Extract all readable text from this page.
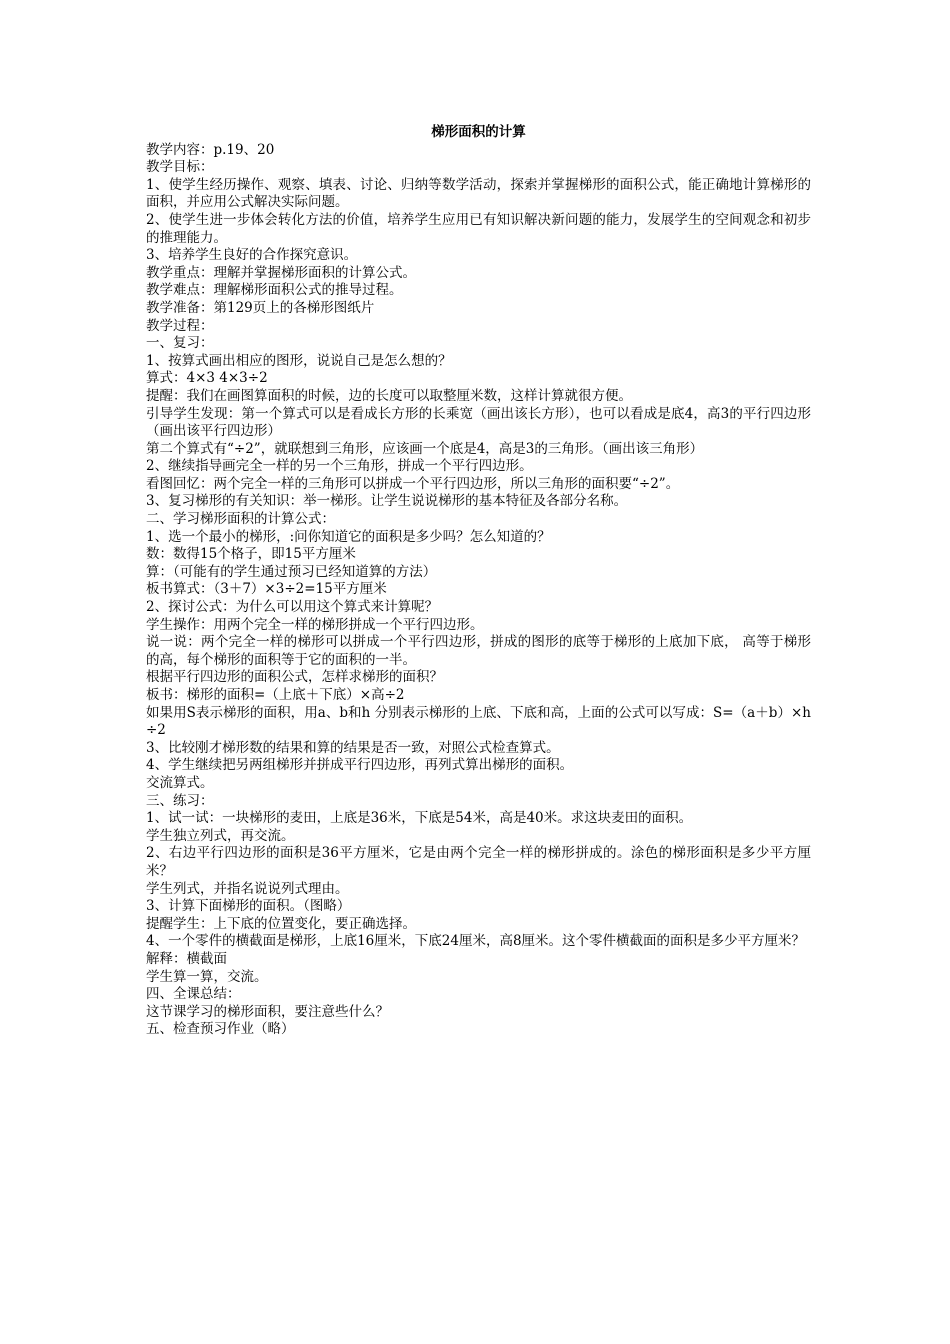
梯形面积的计算

教学内容：p.19、20

教学目标：

1、使学生经历操作、观察、填表、讨论、归纳等数学活动，探索并掌握梯形的面积公式，能正确地计算梯形的面积，并应用公式解决实际问题。

2、使学生进一步体会转化方法的价值，培养学生应用已有知识解决新问题的能力，发展学生的空间观念和初步的推理能力。

3、培养学生良好的合作探究意识。

教学重点：理解并掌握梯形面积的计算公式。

教学难点：理解梯形面积公式的推导过程。

教学准备：第129页上的各梯形图纸片

教学过程：

一、复习：

1、按算式画出相应的图形，说说自己是怎么想的？

算式：4×3 4×3÷2

提醒：我们在画图算面积的时候，边的长度可以取整厘米数，这样计算就很方便。

引导学生发现：第一个算式可以是看成长方形的长乘宽（画出该长方形），也可以看成是底4，高3的平行四边形（画出该平行四边形）

第二个算式有“÷2”，就联想到三角形，应该画一个底是4，高是3的三角形。（画出该三角形）

2、继续指导画完全一样的另一个三角形，拼成一个平行四边形。

看图回忆：两个完全一样的三角形可以拼成一个平行四边形，所以三角形的面积要“÷2”。

3、复习梯形的有关知识：举一梯形。让学生说说梯形的基本特征及各部分名称。

二、学习梯形面积的计算公式：

1、选一个最小的梯形，:问你知道它的面积是多少吗？怎么知道的？

数：数得15个格子，即15平方厘米

算：（可能有的学生通过预习已经知道算的方法）

板书算式：（3＋7）×3÷2=15平方厘米

2、探讨公式：为什么可以用这个算式来计算呢？

学生操作：用两个完全一样的梯形拼成一个平行四边形。

说一说：两个完全一样的梯形可以拼成一个平行四边形，拼成的图形的底等于梯形的上底加下底， 高等于梯形的高，每个梯形的面积等于它的面积的一半。

根据平行四边形的面积公式，怎样求梯形的面积？

板书：梯形的面积=（上底＋下底）×高÷2

如果用S表示梯形的面积，用a、b和h 分别表示梯形的上底、下底和高，上面的公式可以写成：S=（a＋b）×h÷2

3、比较刚才梯形数的结果和算的结果是否一致，对照公式检查算式。

4、学生继续把另两组梯形并拼成平行四边形，再列式算出梯形的面积。

交流算式。

三、练习：

1、试一试：一块梯形的麦田，上底是36米，下底是54米，高是40米。求这块麦田的面积。

学生独立列式，再交流。

2、右边平行四边形的面积是36平方厘米，它是由两个完全一样的梯形拼成的。涂色的梯形面积是多少平方厘米？

学生列式，并指名说说列式理由。

3、计算下面梯形的面积。（图略）

提醒学生：上下底的位置变化，要正确选择。

4、一个零件的横截面是梯形，上底16厘米，下底24厘米，高8厘米。这个零件横截面的面积是多少平方厘米？

解释：横截面

学生算一算，交流。

四、全课总结：

这节课学习的梯形面积，要注意些什么？

五、检查预习作业（略）
